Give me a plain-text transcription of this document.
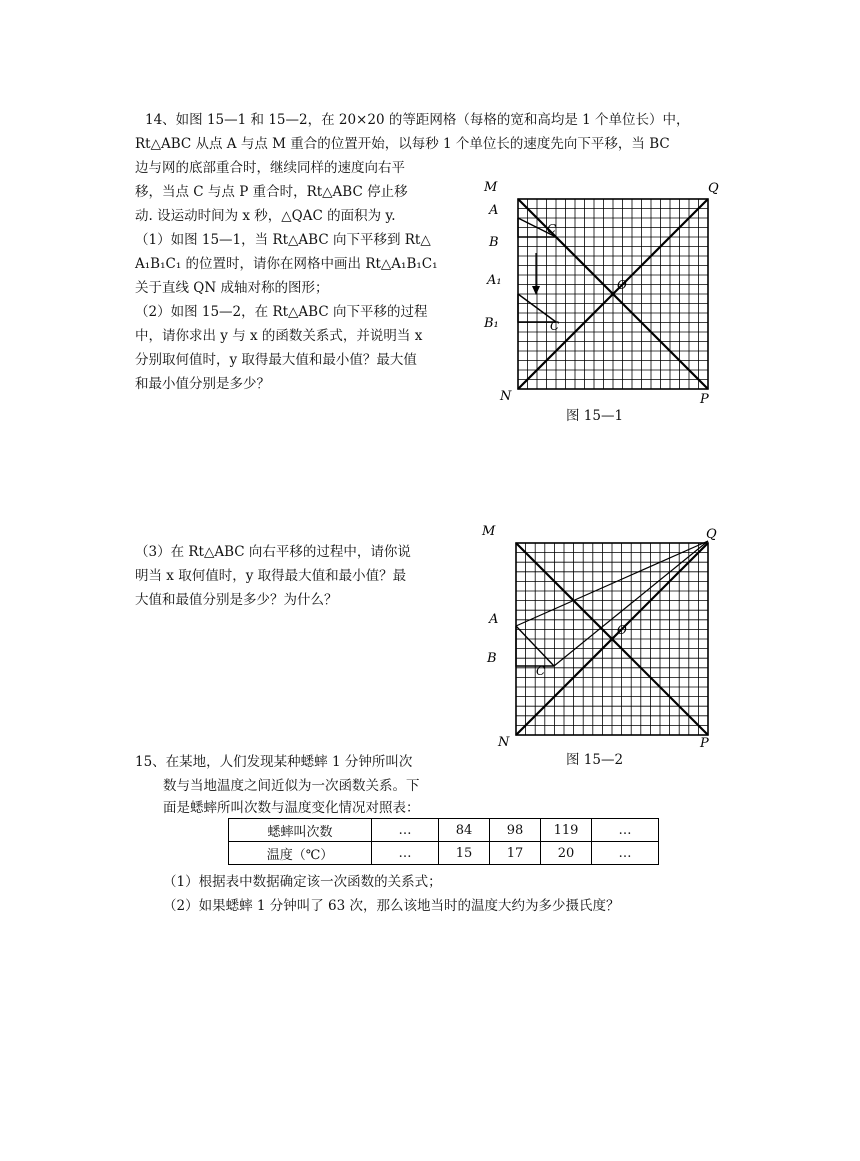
14、如图 15—1 和 15—2，在 20×20 的等距网格（每格的宽和高均是 1 个单位长）中，
Rt△ABC 从点 A 与点 M 重合的位置开始，以每秒 1 个单位长的速度先向下平移，当 BC
边与网的底部重合时，继续同样的速度向右平
移，当点 C 与点 P 重合时，Rt△ABC 停止移
动. 设运动时间为 x 秒，△QAC 的面积为 y.
（1）如图 15—1，当 Rt△ABC 向下平移到 Rt△
A₁B₁C₁ 的位置时，请你在网格中画出 Rt△A₁B₁C₁
关于直线 QN 成轴对称的图形；
（2）如图 15—2，在 Rt△ABC 向下平移的过程
中，请你求出 y 与 x 的函数关系式，并说明当 x
分别取何值时，y 取得最大值和最小值？最大值
和最小值分别是多少？
（3）在 Rt△ABC 向右平移的过程中，请你说
明当 x 取何值时，y 取得最大值和最小值？最
大值和最值分别是多少？为什么？
M	Q
A
B
A₁
B₁
C
C
O
N	P
图 15—1
M	Q
A
B
C
O
N	P
图 15—2
15、在某地，人们发现某种蟋蟀 1 分钟所叫次
数与当地温度之间近似为一次函数关系。下
面是蟋蟀所叫次数与温度变化情况对照表：
蟋蟀叫次数	…	84	98	119	…
温度（℃）	…	15	17	20	…
（1）根据表中数据确定该一次函数的关系式；
（2）如果蟋蟀 1 分钟叫了 63 次，那么该地当时的温度大约为多少摄氏度？
